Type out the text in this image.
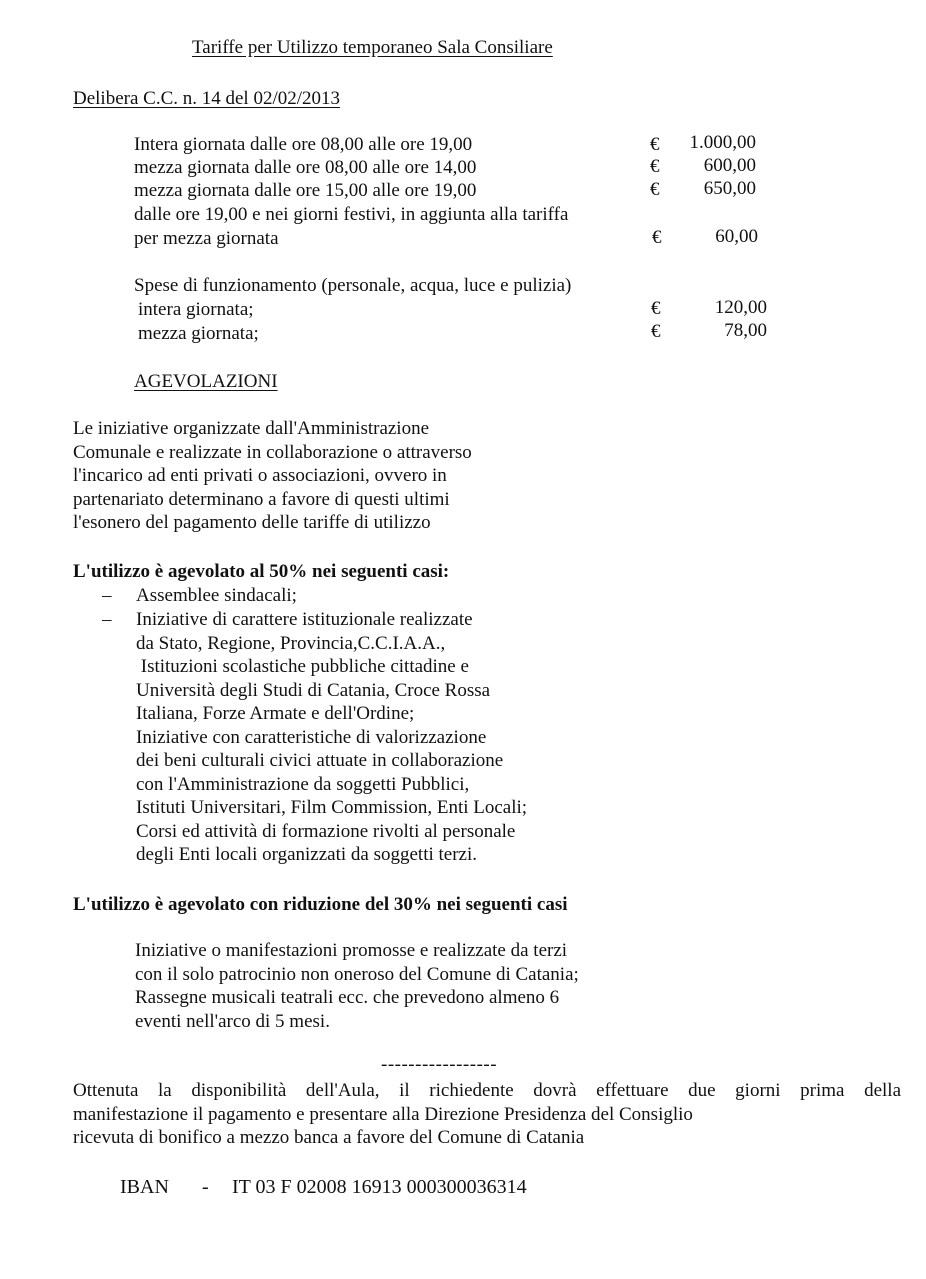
Tariffe per Utilizzo temporaneo Sala Consiliare
Delibera C.C. n. 14 del 02/02/2013
Intera giornata dalle ore 08,00 alle ore 19,00	€	1.000,00
mezza giornata dalle ore 08,00 alle ore 14,00	€	600,00
mezza giornata dalle ore 15,00 alle ore 19,00	€	650,00
dalle ore 19,00 e nei giorni festivi, in aggiunta alla tariffa
per mezza giornata	€	60,00
Spese di funzionamento (personale, acqua, luce e pulizia)
intera giornata;	€	120,00
mezza giornata;	€	78,00
AGEVOLAZIONI
Le iniziative organizzate dall'Amministrazione
Comunale e realizzate in collaborazione o attraverso
l'incarico ad enti privati o associazioni, ovvero in
partenariato determinano a favore di questi ultimi
l'esonero del pagamento delle tariffe di utilizzo
L'utilizzo è agevolato al 50% nei seguenti casi:
– Assemblee sindacali;
– Iniziative di carattere istituzionale realizzate
da Stato, Regione, Provincia,C.C.I.A.A.,
Istituzioni scolastiche pubbliche cittadine e
Università degli Studi di Catania, Croce Rossa
Italiana, Forze Armate e dell'Ordine;
Iniziative con caratteristiche di valorizzazione
dei beni culturali civici attuate in collaborazione
con l'Amministrazione da soggetti Pubblici,
Istituti Universitari, Film Commission, Enti Locali;
Corsi ed attività di formazione rivolti al personale
degli Enti locali organizzati da soggetti terzi.
L'utilizzo è agevolato con riduzione del 30% nei seguenti casi
Iniziative o manifestazioni promosse e realizzate da terzi
con il solo patrocinio non oneroso del Comune di Catania;
Rassegne musicali teatrali ecc. che prevedono almeno 6
eventi nell'arco di 5 mesi.
-----------------
Ottenuta la disponibilità dell'Aula, il richiedente dovrà effettuare due giorni prima della
manifestazione il pagamento e presentare alla Direzione Presidenza del Consiglio
ricevuta di bonifico a mezzo banca a favore del Comune di Catania
IBAN - IT 03 F 02008 16913 000300036314
